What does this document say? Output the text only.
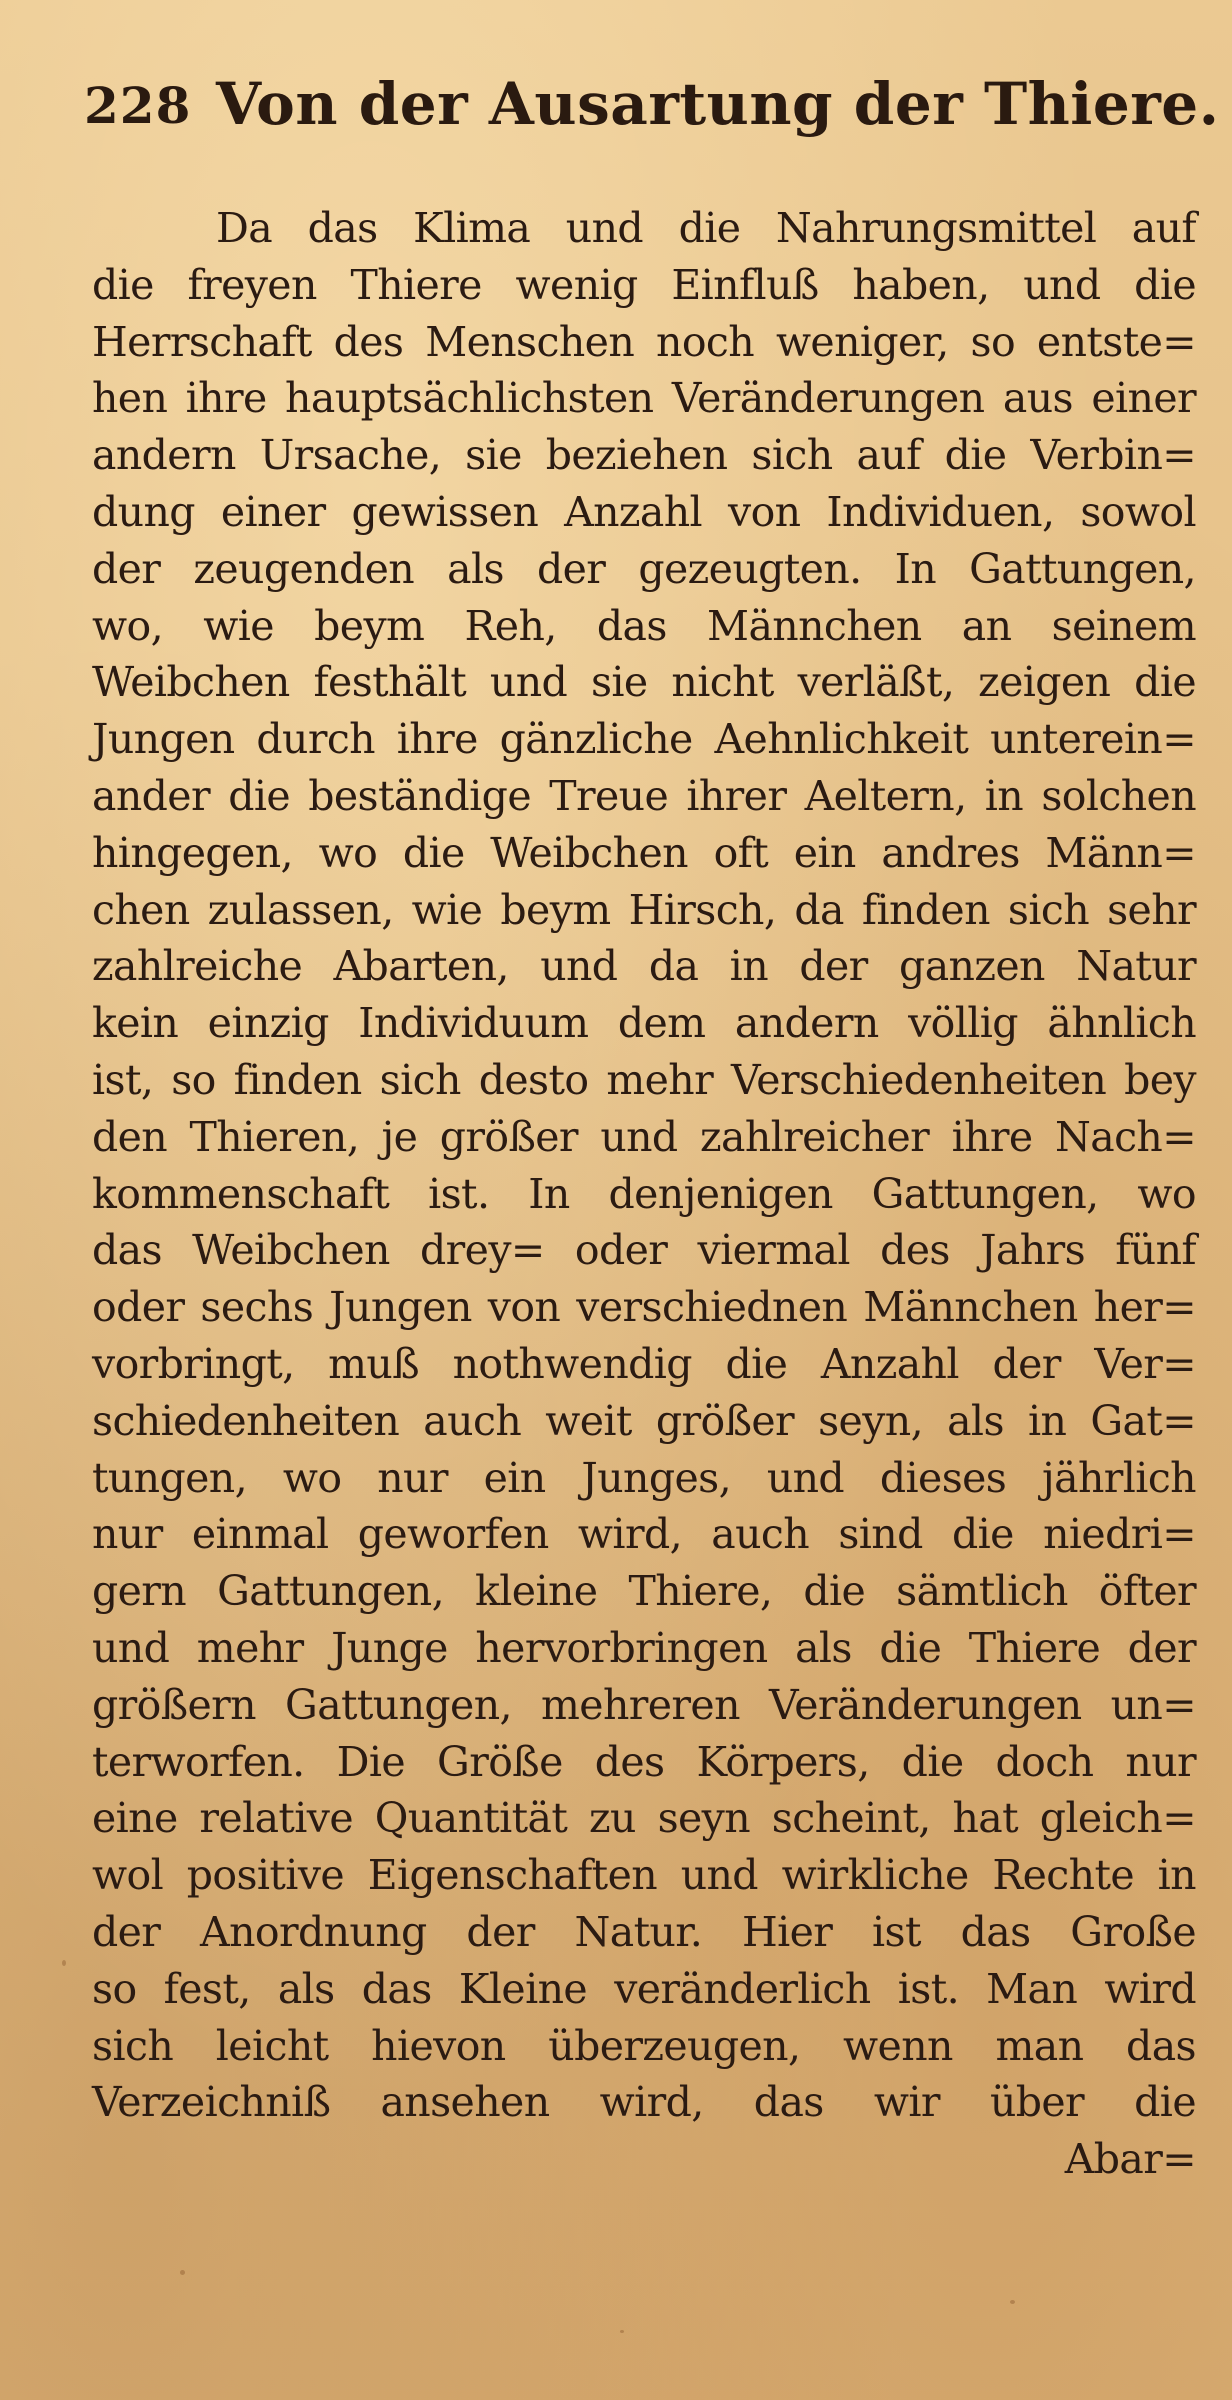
228 Von der Ausartung der Thiere.
Da das Klima und die Nahrungsmittel auf
die freyen Thiere wenig Einfluß haben, und die
Herrschaft des Menschen noch weniger, so entste=
hen ihre hauptsächlichsten Veränderungen aus einer
andern Ursache, sie beziehen sich auf die Verbin=
dung einer gewissen Anzahl von Individuen, sowol
der zeugenden als der gezeugten. In Gattungen,
wo, wie beym Reh, das Männchen an seinem
Weibchen festhält und sie nicht verläßt, zeigen die
Jungen durch ihre gänzliche Aehnlichkeit unterein=
ander die beständige Treue ihrer Aeltern, in solchen
hingegen, wo die Weibchen oft ein andres Männ=
chen zulassen, wie beym Hirsch, da finden sich sehr
zahlreiche Abarten, und da in der ganzen Natur
kein einzig Individuum dem andern völlig ähnlich
ist, so finden sich desto mehr Verschiedenheiten bey
den Thieren, je größer und zahlreicher ihre Nach=
kommenschaft ist. In denjenigen Gattungen, wo
das Weibchen drey= oder viermal des Jahrs fünf
oder sechs Jungen von verschiednen Männchen her=
vorbringt, muß nothwendig die Anzahl der Ver=
schiedenheiten auch weit größer seyn, als in Gat=
tungen, wo nur ein Junges, und dieses jährlich
nur einmal geworfen wird, auch sind die niedri=
gern Gattungen, kleine Thiere, die sämtlich öfter
und mehr Junge hervorbringen als die Thiere der
größern Gattungen, mehreren Veränderungen un=
terworfen. Die Größe des Körpers, die doch nur
eine relative Quantität zu seyn scheint, hat gleich=
wol positive Eigenschaften und wirkliche Rechte in
der Anordnung der Natur. Hier ist das Große
so fest, als das Kleine veränderlich ist. Man wird
sich leicht hievon überzeugen, wenn man das
Verzeichniß ansehen wird, das wir über die
Abar=
